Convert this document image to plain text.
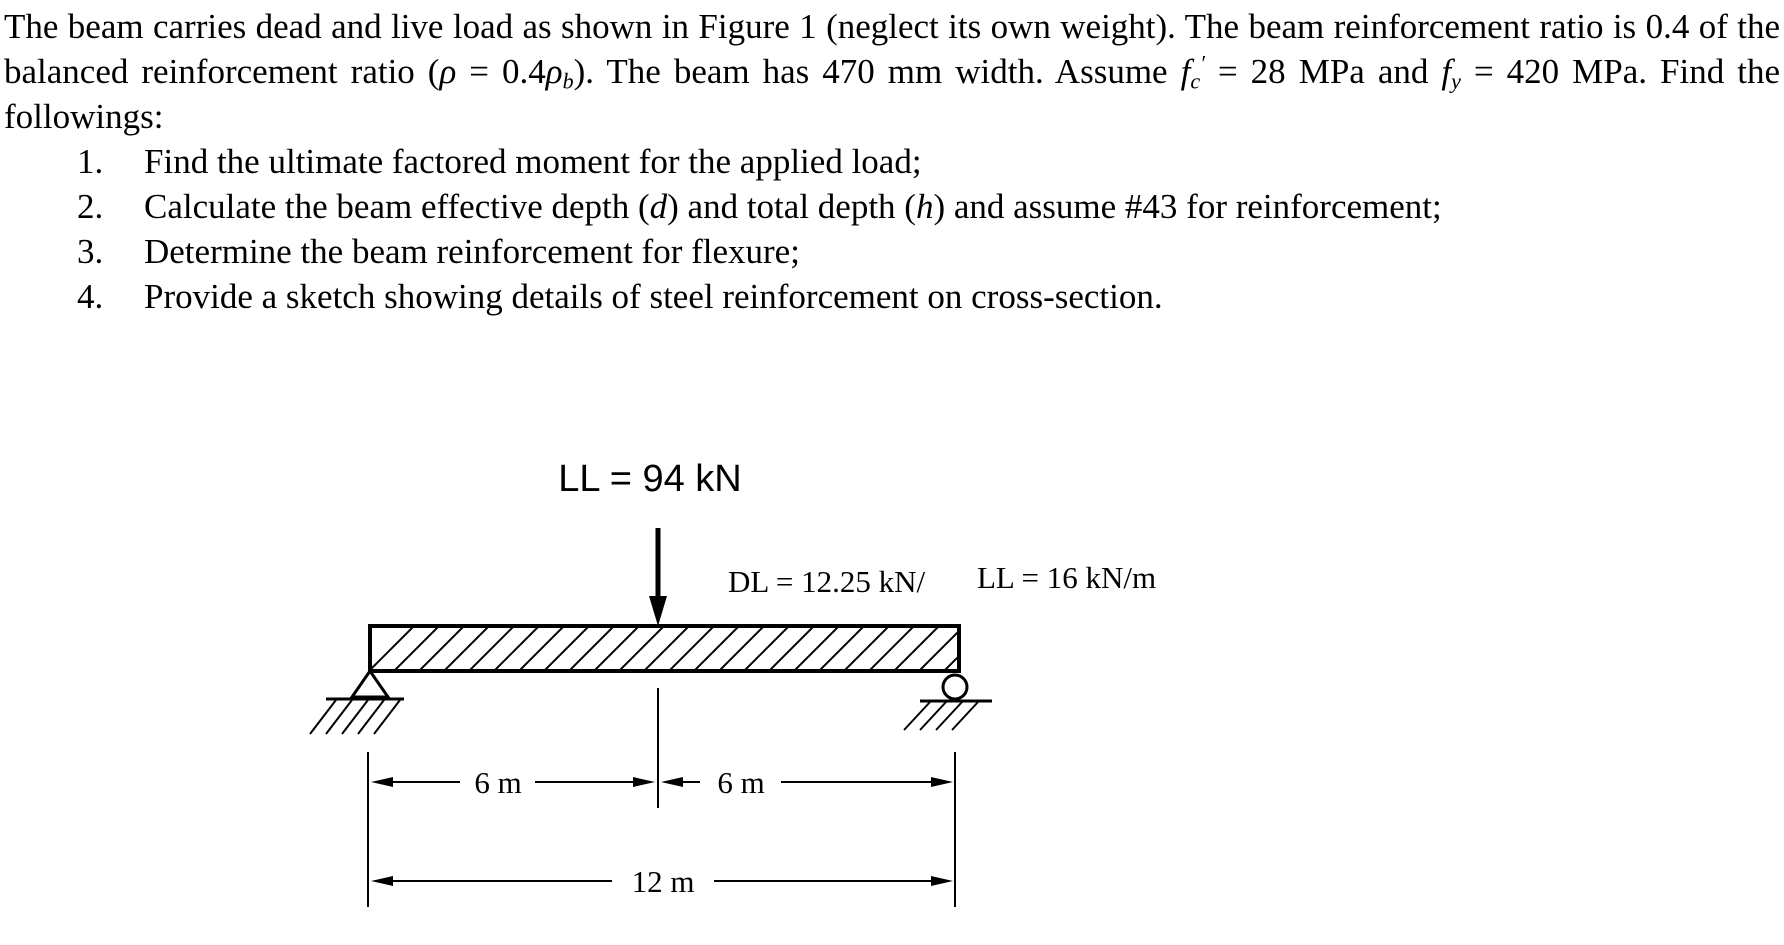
The beam carries dead and live load as shown in Figure 1 (neglect its own weight). The beam reinforcement ratio is 0.4 of the balanced reinforcement ratio $(\rho = 0.4\rho_b)$. The beam has 470 mm width. Assume $f_c' = 28$ MPa and $f_y = 420$ MPa. Find the followings:

1. Find the ultimate factored moment for the applied load;
2. Calculate the beam effective depth (d) and total depth (h) and assume #43 for reinforcement;
3. Determine the beam reinforcement for flexure;
4. Provide a sketch showing details of steel reinforcement on cross-section.
LL = 94 kN
DL = 12.25 kN/ LL = 16 kN/m
6 m	6 m
12 m
